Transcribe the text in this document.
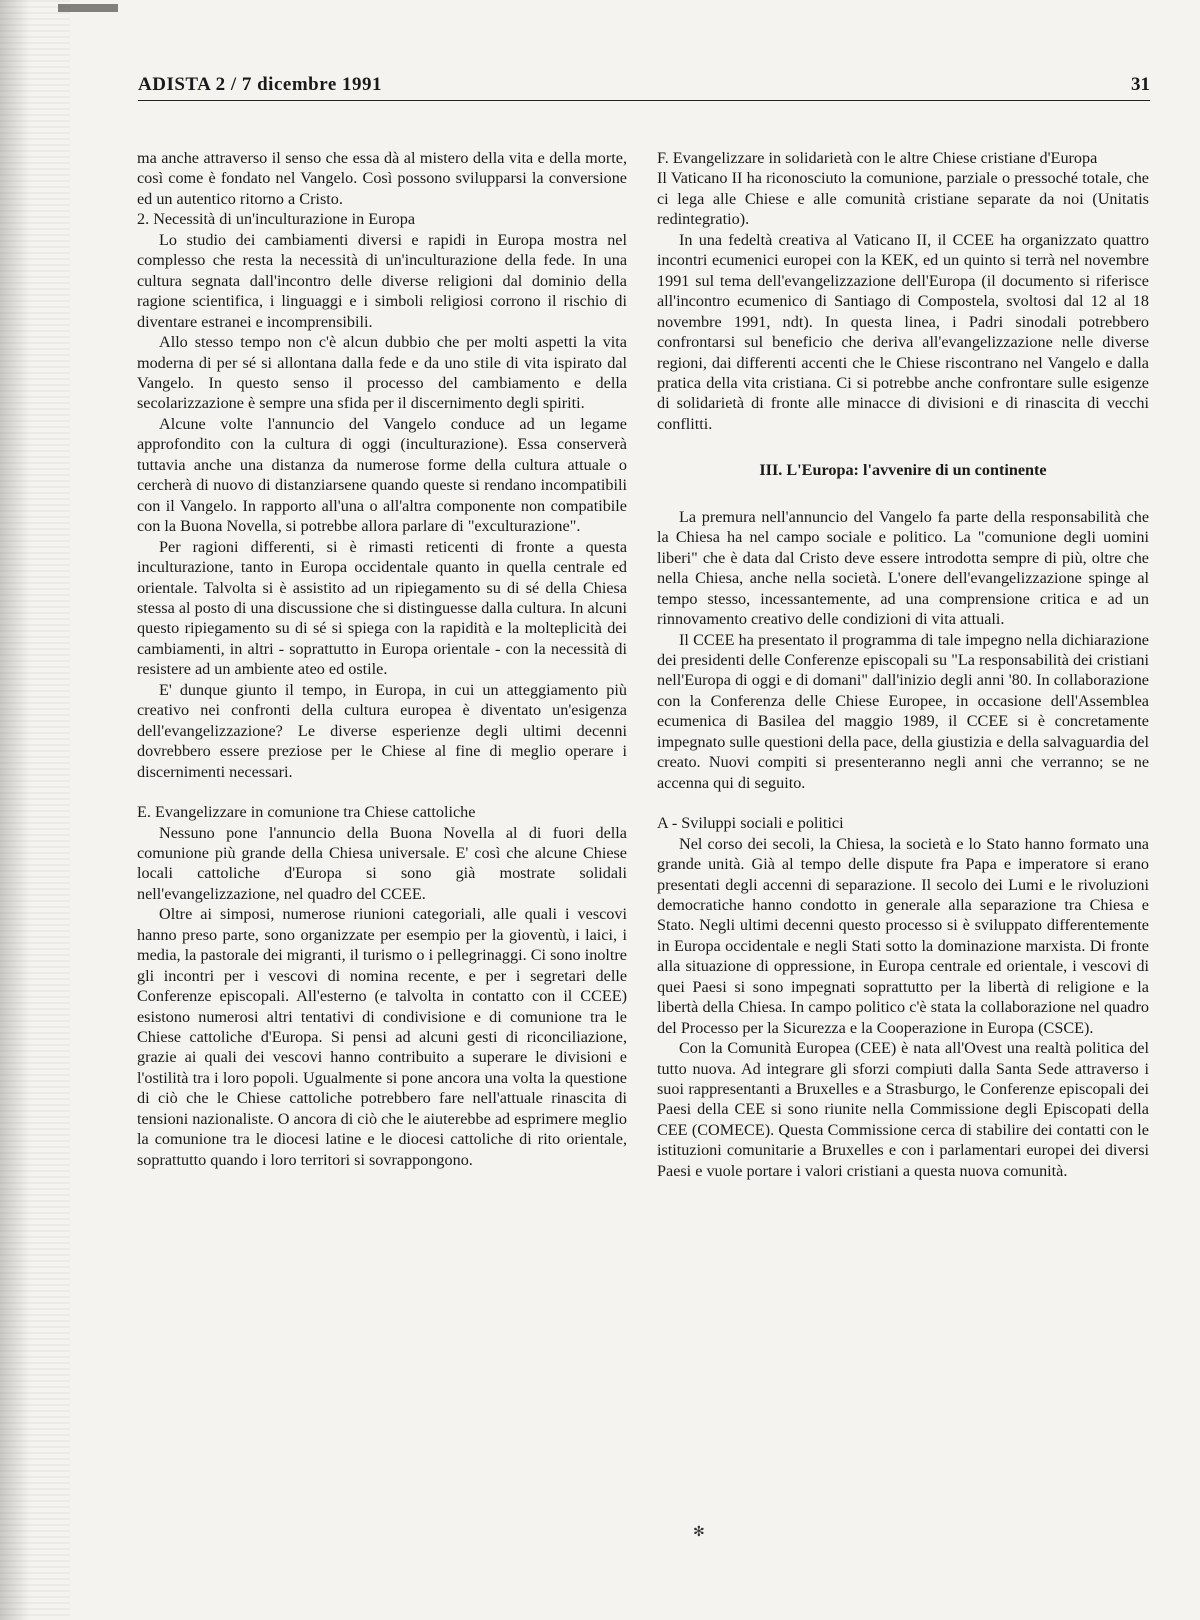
ADISTA 2 / 7 dicembre 1991	31

ma anche attraverso il senso che essa dà al mistero della vita e della morte, così come è fondato nel Vangelo. Così possono svilupparsi la conversione ed un autentico ritorno a Cristo.

2. Necessità di un'inculturazione in Europa

Lo studio dei cambiamenti diversi e rapidi in Europa mostra nel complesso che resta la necessità di un'inculturazione della fede. In una cultura segnata dall'incontro delle diverse religioni dal dominio della ragione scientifica, i linguaggi e i simboli religiosi corrono il rischio di diventare estranei e incomprensibili.

Allo stesso tempo non c'è alcun dubbio che per molti aspetti la vita moderna di per sé si allontana dalla fede e da uno stile di vita ispirato dal Vangelo. In questo senso il processo del cambiamento e della secolarizzazione è sempre una sfida per il discernimento degli spiriti.

Alcune volte l'annuncio del Vangelo conduce ad un legame approfondito con la cultura di oggi (inculturazione). Essa conserverà tuttavia anche una distanza da numerose forme della cultura attuale o cercherà di nuovo di distanziarsene quando queste si rendano incompatibili con il Vangelo. In rapporto all'una o all'altra componente non compatibile con la Buona Novella, si potrebbe allora parlare di "exculturazione".

Per ragioni differenti, si è rimasti reticenti di fronte a questa inculturazione, tanto in Europa occidentale quanto in quella centrale ed orientale. Talvolta si è assistito ad un ripiegamento su di sé della Chiesa stessa al posto di una discussione che si distinguesse dalla cultura. In alcuni questo ripiegamento su di sé si spiega con la rapidità e la molteplicità dei cambiamenti, in altri - soprattutto in Europa orientale - con la necessità di resistere ad un ambiente ateo ed ostile.

E' dunque giunto il tempo, in Europa, in cui un atteggiamento più creativo nei confronti della cultura europea è diventato un'esigenza dell'evangelizzazione? Le diverse esperienze degli ultimi decenni dovrebbero essere preziose per le Chiese al fine di meglio operare i discernimenti necessari.

E. Evangelizzare in comunione tra Chiese cattoliche

Nessuno pone l'annuncio della Buona Novella al di fuori della comunione più grande della Chiesa universale. E' così che alcune Chiese locali cattoliche d'Europa si sono già mostrate solidali nell'evangelizzazione, nel quadro del CCEE.

Oltre ai simposi, numerose riunioni categoriali, alle quali i vescovi hanno preso parte, sono organizzate per esempio per la gioventù, i laici, i media, la pastorale dei migranti, il turismo o i pellegrinaggi. Ci sono inoltre gli incontri per i vescovi di nomina recente, e per i segretari delle Conferenze episcopali. All'esterno (e talvolta in contatto con il CCEE) esistono numerosi altri tentativi di condivisione e di comunione tra le Chiese cattoliche d'Europa. Si pensi ad alcuni gesti di riconciliazione, grazie ai quali dei vescovi hanno contribuito a superare le divisioni e l'ostilità tra i loro popoli. Ugualmente si pone ancora una volta la questione di ciò che le Chiese cattoliche potrebbero fare nell'attuale rinascita di tensioni nazionaliste. O ancora di ciò che le aiuterebbe ad esprimere meglio la comunione tra le diocesi latine e le diocesi cattoliche di rito orientale, soprattutto quando i loro territori si sovrappongono.

F. Evangelizzare in solidarietà con le altre Chiese cristiane d'Europa

Il Vaticano II ha riconosciuto la comunione, parziale o pressoché totale, che ci lega alle Chiese e alle comunità cristiane separate da noi (Unitatis redintegratio).

In una fedeltà creativa al Vaticano II, il CCEE ha organizzato quattro incontri ecumenici europei con la KEK, ed un quinto si terrà nel novembre 1991 sul tema dell'evangelizzazione dell'Europa (il documento si riferisce all'incontro ecumenico di Santiago di Compostela, svoltosi dal 12 al 18 novembre 1991, ndt). In questa linea, i Padri sinodali potrebbero confrontarsi sul beneficio che deriva all'evangelizzazione nelle diverse regioni, dai differenti accenti che le Chiese riscontrano nel Vangelo e dalla pratica della vita cristiana. Ci si potrebbe anche confrontare sulle esigenze di solidarietà di fronte alle minacce di divisioni e di rinascita di vecchi conflitti.

III. L'Europa: l'avvenire di un continente

La premura nell'annuncio del Vangelo fa parte della responsabilità che la Chiesa ha nel campo sociale e politico. La "comunione degli uomini liberi" che è data dal Cristo deve essere introdotta sempre di più, oltre che nella Chiesa, anche nella società. L'onere dell'evangelizzazione spinge al tempo stesso, incessantemente, ad una comprensione critica e ad un rinnovamento creativo delle condizioni di vita attuali.

Il CCEE ha presentato il programma di tale impegno nella dichiarazione dei presidenti delle Conferenze episcopali su "La responsabilità dei cristiani nell'Europa di oggi e di domani" dall'inizio degli anni '80. In collaborazione con la Conferenza delle Chiese Europee, in occasione dell'Assemblea ecumenica di Basilea del maggio 1989, il CCEE si è concretamente impegnato sulle questioni della pace, della giustizia e della salvaguardia del creato. Nuovi compiti si presenteranno negli anni che verranno; se ne accenna qui di seguito.

A - Sviluppi sociali e politici

Nel corso dei secoli, la Chiesa, la società e lo Stato hanno formato una grande unità. Già al tempo delle dispute fra Papa e imperatore si erano presentati degli accenni di separazione. Il secolo dei Lumi e le rivoluzioni democratiche hanno condotto in generale alla separazione tra Chiesa e Stato. Negli ultimi decenni questo processo si è sviluppato differentemente in Europa occidentale e negli Stati sotto la dominazione marxista. Di fronte alla situazione di oppressione, in Europa centrale ed orientale, i vescovi di quei Paesi si sono impegnati soprattutto per la libertà di religione e la libertà della Chiesa. In campo politico c'è stata la collaborazione nel quadro del Processo per la Sicurezza e la Cooperazione in Europa (CSCE).

Con la Comunità Europea (CEE) è nata all'Ovest una realtà politica del tutto nuova. Ad integrare gli sforzi compiuti dalla Santa Sede attraverso i suoi rappresentanti a Bruxelles e a Strasburgo, le Conferenze episcopali dei Paesi della CEE si sono riunite nella Commissione degli Episcopati della CEE (COMECE). Questa Commissione cerca di stabilire dei contatti con le istituzioni comunitarie a Bruxelles e con i parlamentari europei dei diversi Paesi e vuole portare i valori cristiani a questa nuova comunità.

✻
